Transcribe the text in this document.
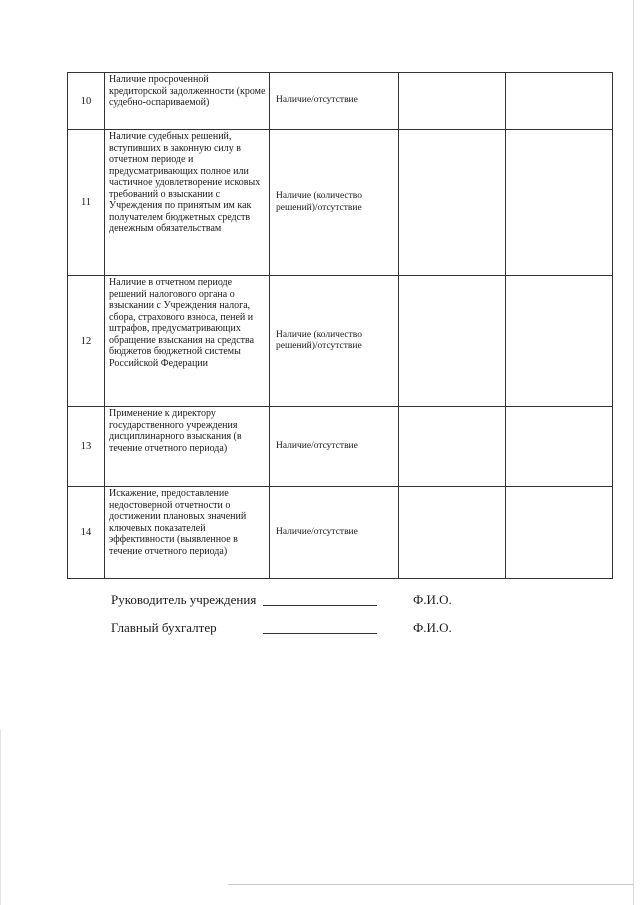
10	Наличие просроченной кредиторской задолженности (кроме судебно-оспариваемой)	Наличие/отсутствие			
11	Наличие судебных решений, вступивших в законную силу в отчетном периоде и предусматривающих полное или частичное удовлетворение исковых требований о взыскании с Учреждения по принятым им как получателем бюджетных средств денежным обязательствам	Наличие (количество решений)/отсутствие			
12	Наличие в отчетном периоде решений налогового органа о взыскании с Учреждения налога, сбора, страхового взноса, пеней и штрафов, предусматривающих обращение взыскания на средства бюджетов бюджетной системы Российской Федерации	Наличие (количество решений)/отсутствие			
13	Применение к директору государственного учреждения дисциплинарного взыскания (в течение отчетного периода)	Наличие/отсутствие			
14	Искажение, предоставление недостоверной отчетности о достижении плановых значений ключевых показателей эффективности (выявленное в течение отчетного периода)	Наличие/отсутствие			
Руководитель учреждения	Ф.И.О.
Главный бухгалтер	Ф.И.О.
